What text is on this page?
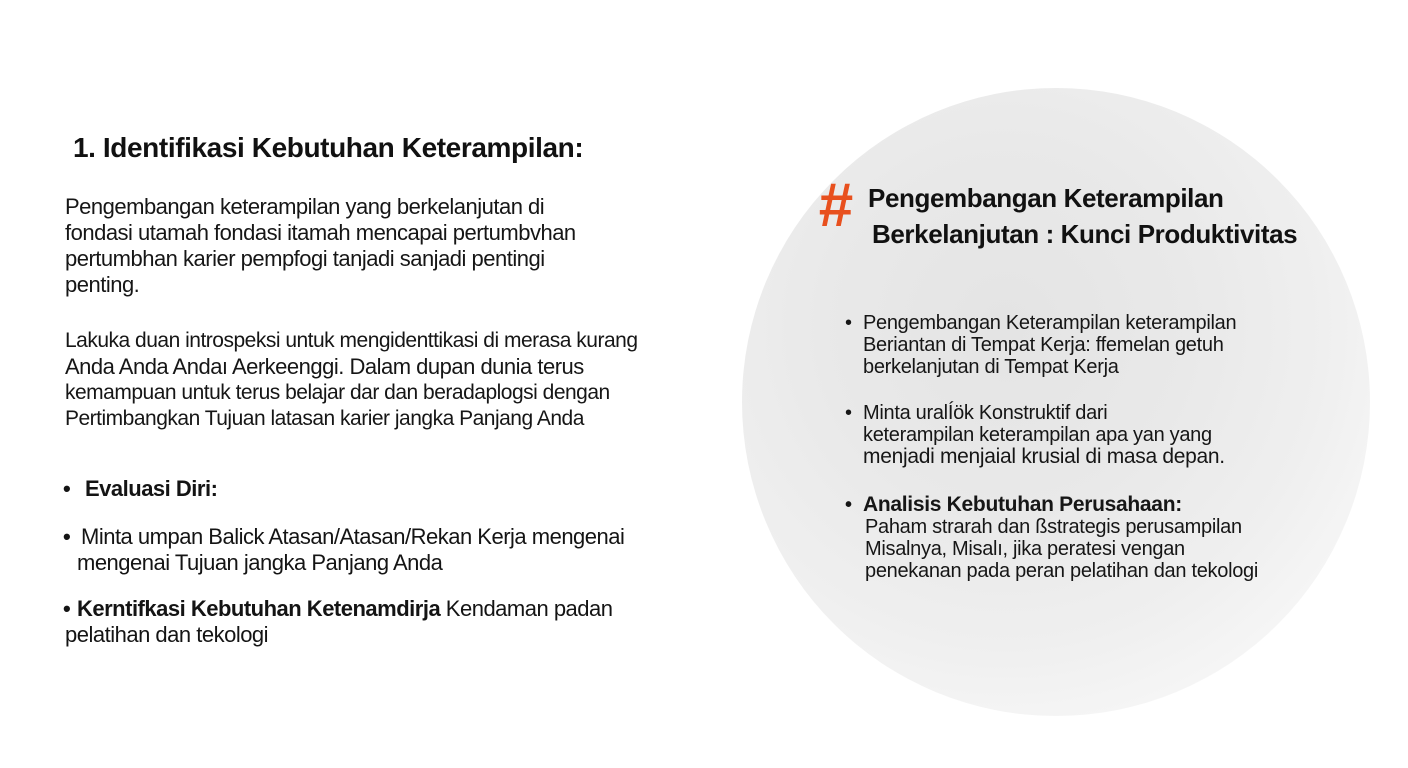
1. Identifikasi Kebutuhan Keterampilan:

Pengembangan keterampilan yang berkelanjutan di
fondasi utamah fondasi itamah mencapai pertumbvhan
pertumbhan karier pempfogi tanjadi sanjadi pentingi
penting.

Lakuka duan introspeksi untuk mengidenttikasi di merasa kurang
Anda Anda Andaı Aerkeenggi. Dalam dupan dunia terus
kemampuan untuk terus belajar dar dan beradaplogsi dengan
Pertimbangkan Tujuan latasan karier jangka Panjang Anda

• Evaluasi Diri:
• Minta umpan Balick Atasan/Atasan/Rekan Kerja mengenai
mengenai Tujuan jangka Panjang Anda
• Kerntifkasi Kebutuhan Ketenamdirja Kendaman padan
pelatihan dan tekologi
# Pengembangan Keterampilan
Berkelanjutan : Kunci Produktivitas
• Pengembangan Keterampilan keterampilan
Beriantan di Tempat Kerja: ffemelan getuh
berkelanjutan di Tempat Kerja
• Minta uralÍök Konstruktif dari
keterampilan keterampilan apa yan yang
menjadi menjaial krusial di masa depan.
• Analisis Kebutuhan Perusahaan:
Paham strarah dan ßstrategis perusampilan
Misalnya, Misalı, jika peratesi vengan
penekanan pada peran pelatihan dan tekologi
